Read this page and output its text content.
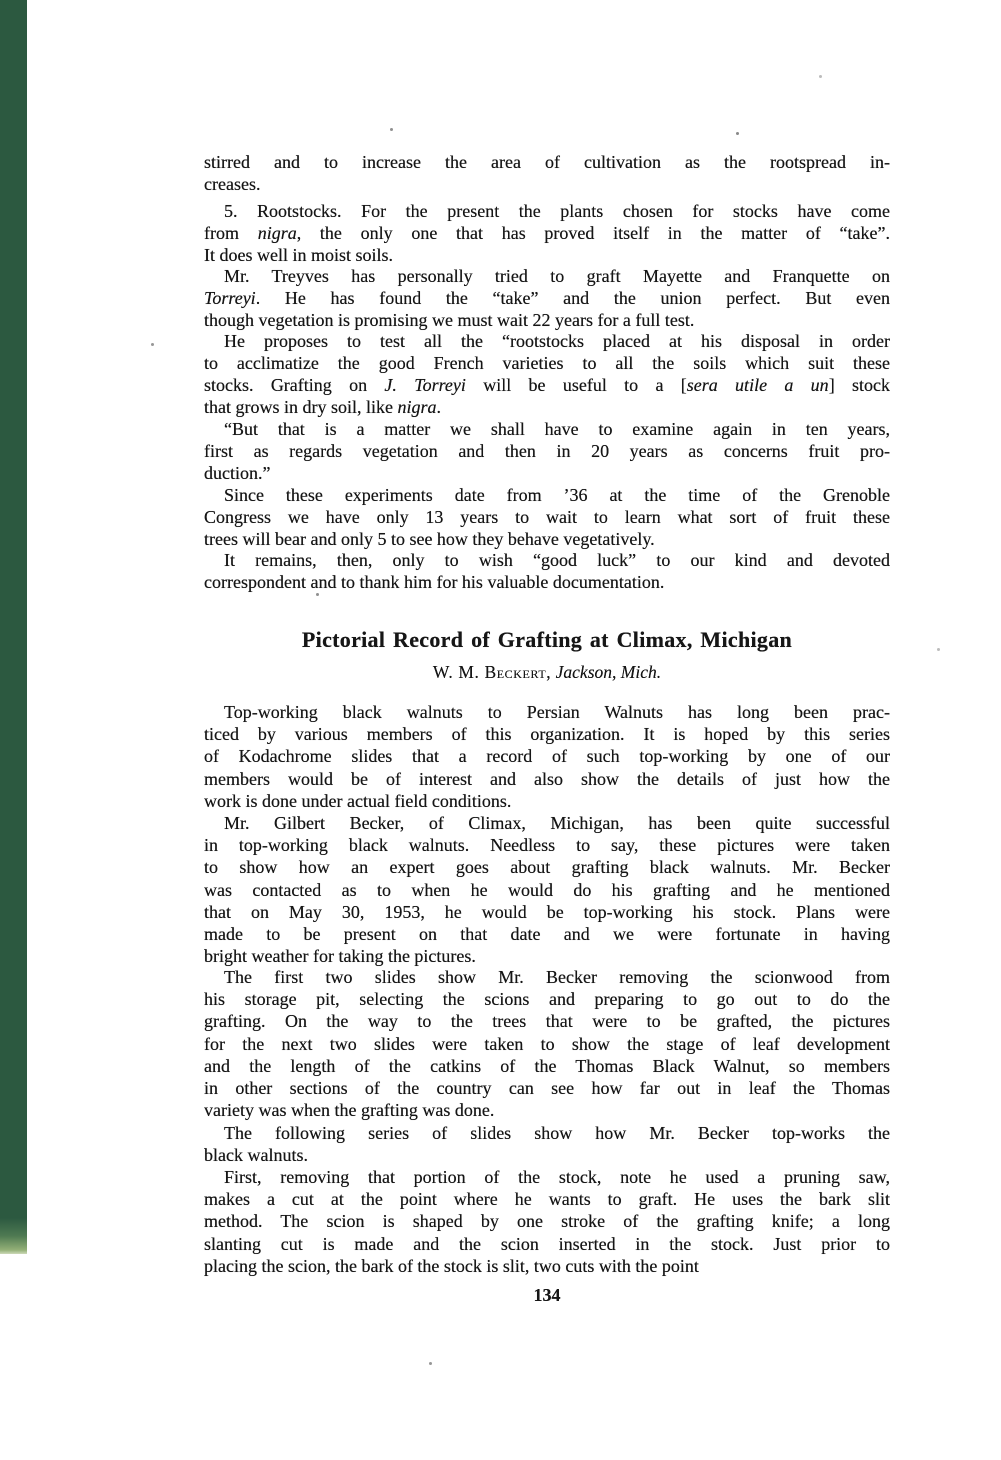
stirred and to increase the area of cultivation as the rootspread in-
creases.
5. Rootstocks. For the present the plants chosen for stocks have come
from nigra, the only one that has proved itself in the matter of “take”.
It does well in moist soils.
Mr. Treyves has personally tried to graft Mayette and Franquette on
Torreyi. He has found the “take” and the union perfect. But even
though vegetation is promising we must wait 22 years for a full test.
He proposes to test all the “rootstocks placed at his disposal in order
to acclimatize the good French varieties to all the soils which suit these
stocks. Grafting on J. Torreyi will be useful to a [sera utile a un] stock
that grows in dry soil, like nigra.
“But that is a matter we shall have to examine again in ten years,
first as regards vegetation and then in 20 years as concerns fruit pro-
duction.”
Since these experiments date from ’36 at the time of the Grenoble
Congress we have only 13 years to wait to learn what sort of fruit these
trees will bear and only 5 to see how they behave vegetatively.
It remains, then, only to wish “good luck” to our kind and devoted
correspondent and to thank him for his valuable documentation.
Pictorial Record of Grafting at Climax, Michigan
W. M. Beckert, Jackson, Mich.
Top-working black walnuts to Persian Walnuts has long been prac-
ticed by various members of this organization. It is hoped by this series
of Kodachrome slides that a record of such top-working by one of our
members would be of interest and also show the details of just how the
work is done under actual field conditions.
Mr. Gilbert Becker, of Climax, Michigan, has been quite successful
in top-working black walnuts. Needless to say, these pictures were taken
to show how an expert goes about grafting black walnuts. Mr. Becker
was contacted as to when he would do his grafting and he mentioned
that on May 30, 1953, he would be top-working his stock. Plans were
made to be present on that date and we were fortunate in having
bright weather for taking the pictures.
The first two slides show Mr. Becker removing the scionwood from
his storage pit, selecting the scions and preparing to go out to do the
grafting. On the way to the trees that were to be grafted, the pictures
for the next two slides were taken to show the stage of leaf development
and the length of the catkins of the Thomas Black Walnut, so members
in other sections of the country can see how far out in leaf the Thomas
variety was when the grafting was done.
The following series of slides show how Mr. Becker top-works the
black walnuts.
First, removing that portion of the stock, note he used a pruning saw,
makes a cut at the point where he wants to graft. He uses the bark slit
method. The scion is shaped by one stroke of the grafting knife; a long
slanting cut is made and the scion inserted in the stock. Just prior to
placing the scion, the bark of the stock is slit, two cuts with the point
134
